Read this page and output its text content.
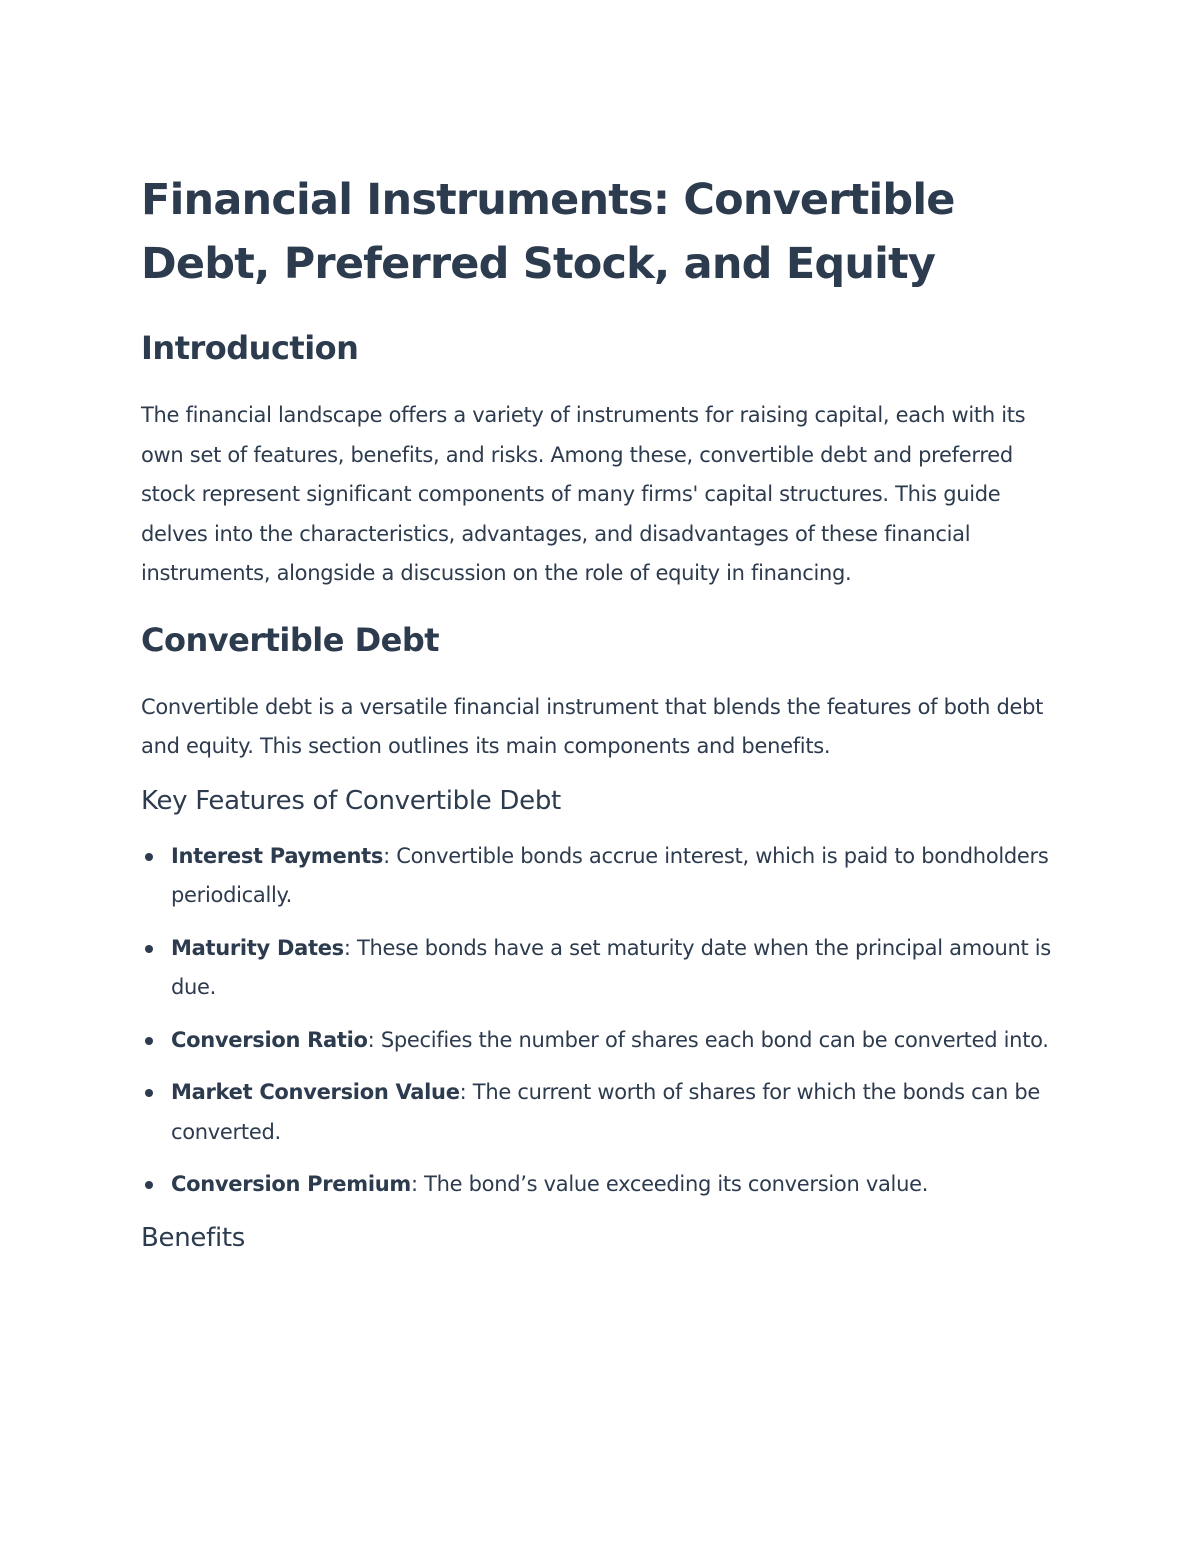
Financial Instruments: Convertible Debt, Preferred Stock, and Equity
Introduction

The financial landscape offers a variety of instruments for raising capital, each with its own set of features, benefits, and risks. Among these, convertible debt and preferred stock represent significant components of many firms' capital structures. This guide delves into the characteristics, advantages, and disadvantages of these financial instruments, alongside a discussion on the role of equity in financing.

Convertible Debt

Convertible debt is a versatile financial instrument that blends the features of both debt and equity. This section outlines its main components and benefits.

Key Features of Convertible Debt
Interest Payments: Convertible bonds accrue interest, which is paid to bondholders periodically.
Maturity Dates: These bonds have a set maturity date when the principal amount is due.
Conversion Ratio: Specifies the number of shares each bond can be converted into.
Market Conversion Value: The current worth of shares for which the bonds can be converted.
Conversion Premium: The bond’s value exceeding its conversion value.
Benefits
